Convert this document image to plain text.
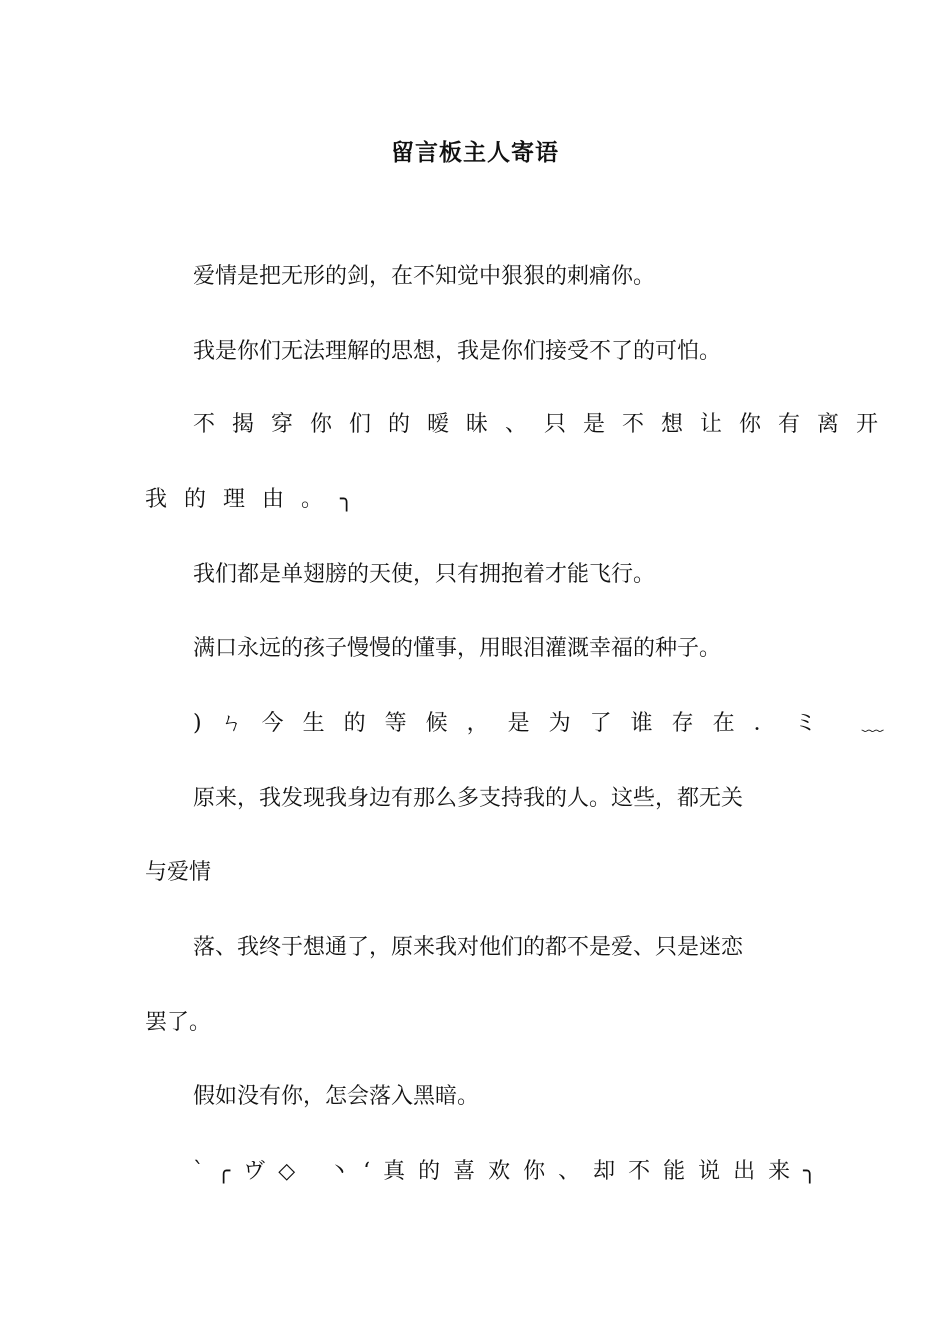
留言板主人寄语
爱情是把无形的剑，在不知觉中狠狠的刺痛你。
我是你们无法理解的思想，我是你们接受不了的可怕。
不揭穿你们的暧昧、只是不想让你有离开
我的理由。╮
我们都是单翅膀的天使，只有拥抱着才能飞行。
满口永远的孩子慢慢的懂事，用眼泪灌溉幸福的种子。
)ㄣ今生的等候，是为了谁存在．ミ ﹏
原来，我发现我身边有那么多支持我的人。这些，都无关
与爱情
落、我终于想通了，原来我对他们的都不是爱、只是迷恋
罢了。
假如没有你，怎会落入黑暗。
ˋ╭ヴ◇ 丶‘真的喜欢你、却不能说出来╮
